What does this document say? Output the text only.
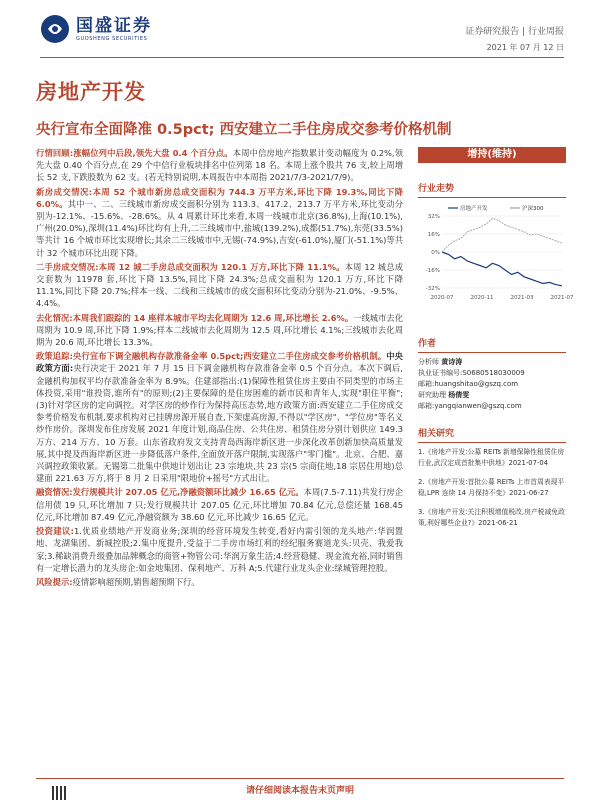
国盛证券
GUOSHENG SECURITIES
证券研究报告 | 行业周报
2021 年 07 月 12 日
房地产开发
央行宣布全面降准 0.5pct; 西安建立二手住房成交参考价格机制

行情回顾:涨幅位列中后段,领先大盘 0.4 个百分点。本周中信房地产指数累计变动幅度为 0.2%,领先大盘 0.40 个百分点,在 29 个中信行业板块排名中位列第 18 名。本周上涨个股共 76 支,较上周增长 52 支,下跌股数为 62 支。(若无特别说明,本周报告中本周指 2021/7/3-2021/7/9)。

新房成交情况:本周 52 个城市新房总成交面积为 744.3 万平方米,环比下降 19.3%,同比下降 6.0%。其中一、二、三线城市新房成交面积分别为 113.3、417.2、213.7 万平方米,环比变动分别为-12.1%、-15.6%、-28.6%。从 4 周累计环比来看,本周一线城市北京(36.8%),上海(10.1%),广州(20.0%),深圳(11.4%)环比均有上升,二三线城市中,盐城(139.2%),成都(51.7%),东莞(33.5%)等共计 16 个城市环比实现增长;其余二三线城市中,无锡(-74.9%),吉安(-61.0%),厦门(-51.1%)等共计 32 个城市环比出现下降。

二手房成交情况:本周 12 城二手房总成交面积为 120.1 万方,环比下降 11.1%。本周 12 城总成交套数为 11978 套,环比下降 13.5%,同比下降 24.3%;总成交面积为 120.1 万方,环比下降 11.1%,同比下降 20.7%;样本一线、二线和三线城市的成交面积环比变动分别为-21.0%、-9.5%、4.4%。

去化情况:本周我们跟踪的 14 座样本城市平均去化周期为 12.6 周,环比增长 2.6%。一线城市去化周期为 10.9 周,环比下降 1.9%;样本二线城市去化周期为 12.5 周,环比增长 4.1%;三线城市去化周期为 20.6 周,环比增长 13.3%。

政策追踪:央行宣布下调全融机构存款准备金率 0.5pct;西安建立二手住房成交参考价格机制。中央政策方面:央行决定于 2021 年 7 月 15 日下调金融机构存款准备金率 0.5 个百分点。本次下调后,金融机构加权平均存款准备金率为 8.9%。住建部指出:(1)保障性租赁住房主要由不同类型的市场主体投资,采用"谁投资,谁所有"的原则;(2)主要保障的是住房困难的新市民和青年人,实现"职住平衡";(3)针对学区房的定向调控。对学区房的炒作行为保持高压态势,地方政策方面:西安建立二手住房成交参考价格发布机制,要求机构对已挂牌房源开展自查,下架虚高房源,不得以"学区房"、"学位房"等名义炒作房价。深圳发布住房发展 2021 年度计划,商品住房、公共住房、租赁住房分别计划供应 149.3 万方、214 万方、10 万套。山东省政府发文支持青岛西海岸新区进一步深化改革创新加快高质量发展,其中提及西海岸新区进一步降低落户条件,全面放开落户限制,实现落户"零门槛"。北京、合肥、嘉兴调控政策收紧。无锡第二批集中供地计划出让 23 宗地块,共 23 宗(5 宗商住地,18 宗居住用地)总建面 221.63 万方,将于 8 月 2 日采用"限地价+摇号"方式出让。

融资情况:发行规模共计 207.05 亿元,净融资额环比减少 16.65 亿元。本周(7.5-7.11)共发行房企信用债 19 只,环比增加 7 只;发行规模共计 207.05 亿元,环比增加 70.84 亿元,总偿还量 168.45 亿元,环比增加 87.49 亿元,净融资额为 38.60 亿元,环比减少 16.65 亿元。

投资建议:1.优质业绩地产开发商业务;深圳的经营环境发生转变,看好内需引领的龙头地产:华润置地、龙湖集团、新城控股;2.集中度提升,受益于二手房市场红利的经纪服务赛道龙头:贝壳、我爱我家;3.稀缺消费升级叠加品牌概念的商管+物管公司:华润万象生活;4.经营稳健、现金流充裕,同时销售有一定增长潜力的龙头房企:如金地集团、保利地产、万科 A;5.代建行业龙头企业:绿城管理控股。

风险提示:疫情影响超预期,销售超预期下行。

增持(维持)
行业走势
32%
16%
0%
-16%
-32%
2020-07	2020-11	2021-03	2021-07
房地产开发	沪深300
作者
分析师 黄诗涛
执业证书编号:S0680518030009
邮箱:huangshitao@gszq.com
研究助理 杨倩雯
邮箱:yangqianwen@gszq.com
相关研究
1.《房地产开发:公募 REITs 新增保障性租赁住房行业,武汉定成首批集中供地》2021-07-04
2.《房地产开发:首批公募 REITs 上市首周表现平稳,LPR 连续 14 月保持不变》2021-06-27
3.《房地产开发:关注积极增值税改,房产税减免政策,利好哪些企业?》2021-06-21
请仔细阅读本报告末页声明
